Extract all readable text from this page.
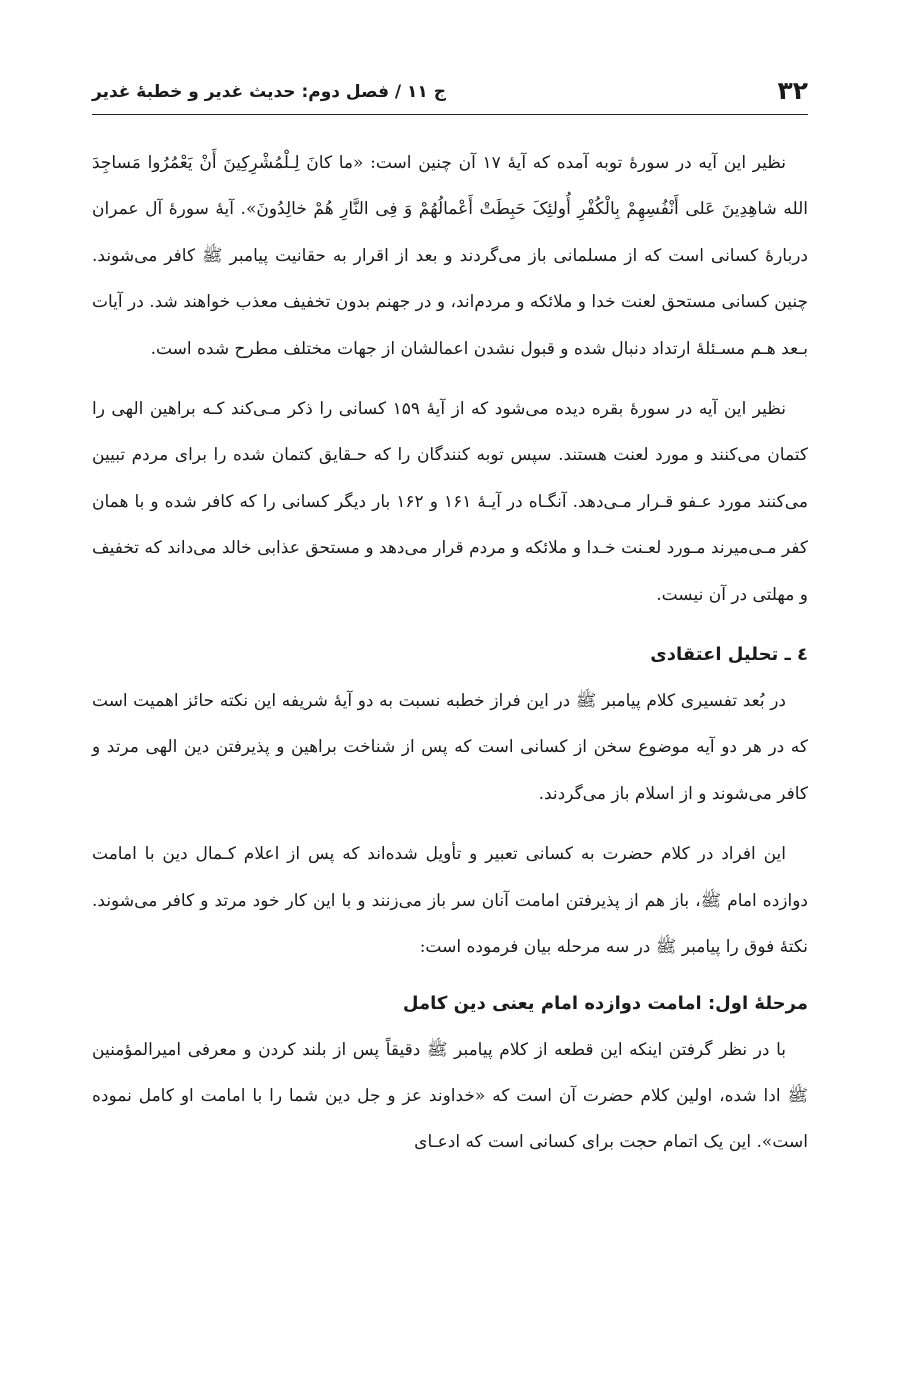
۳۲
ج ۱۱ / فصل دوم: حدیث غدیر و خطبهٔ غدیر

نظیر این آیه در سورهٔ توبه آمده که آیهٔ ۱۷ آن چنین است: «ما کانَ لِـلْمُشْرِکِینَ أَنْ یَعْمُرُوا مَساجِدَ الله شاهِدِینَ عَلی أَنْفُسِهِمْ بِالْکُفْرِ أُولئِکَ حَبِطَتْ أَعْمالُهُمْ وَ فِی النَّارِ هُمْ خالِدُونَ». آیهٔ سورهٔ آل عمران دربارهٔ کسانی است که از مسلمانی باز می‌گردند و بعد از اقرار به حقانیت پیامبر ﷺ کافر می‌شوند. چنین کسانی مستحق لعنت خدا و ملائکه و مردم‌اند، و در جهنم بدون تخفیف معذب خواهند شد. در آیات بـعد هـم مسـئلهٔ ارتداد دنبال شده و قبول نشدن اعمالشان از جهات مختلف مطرح شده است.

نظیر این آیه در سورهٔ بقره دیده می‌شود که از آیهٔ ۱۵۹ کسانی را ذکر مـی‌کند کـه براهین الهی را کتمان می‌کنند و مورد لعنت هستند. سپس توبه کنندگان را که حـقایق کتمان شده را برای مردم تبیین می‌کنند مورد عـفو قـرار مـی‌دهد. آنگـاه در آیـهٔ ۱۶۱ و ۱۶۲ بار دیگر کسانی را که کافر شده و با همان کفر مـی‌میرند مـورد لعـنت خـدا و ملائکه و مردم قرار می‌دهد و مستحق عذابی خالد می‌داند که تخفیف و مهلتی در آن نیست.

٤ ـ تحلیل اعتقادی

در بُعد تفسیری کلام پیامبر ﷺ در این فراز خطبه نسبت به دو آیهٔ شریفه این نکته حائز اهمیت است که در هر دو آیه موضوع سخن از کسانی است که پس از شناخت براهین و پذیرفتن دین الهی مرتد و کافر می‌شوند و از اسلام باز می‌گردند.

این افراد در کلام حضرت به کسانی تعبیر و تأویل شده‌اند که پس از اعلام کـمال دین با امامت دوازده امام ﷺ، باز هم از پذیرفتن امامت آنان سر باز می‌زنند و با این کار خود مرتد و کافر می‌شوند. نکتهٔ فوق را پیامبر ﷺ در سه مرحله بیان فرموده است:

مرحلهٔ اول: امامت دوازده امام یعنی دین کامل

با در نظر گرفتن اینکه این قطعه از کلام پیامبر ﷺ دقیقاً پس از بلند کردن و معرفی امیرالمؤمنین ﷺ ادا شده، اولین کلام حضرت آن است که «خداوند عز و جل دین شما را با امامت او کامل نموده است». این یک اتمام حجت برای کسانی است که ادعـای
